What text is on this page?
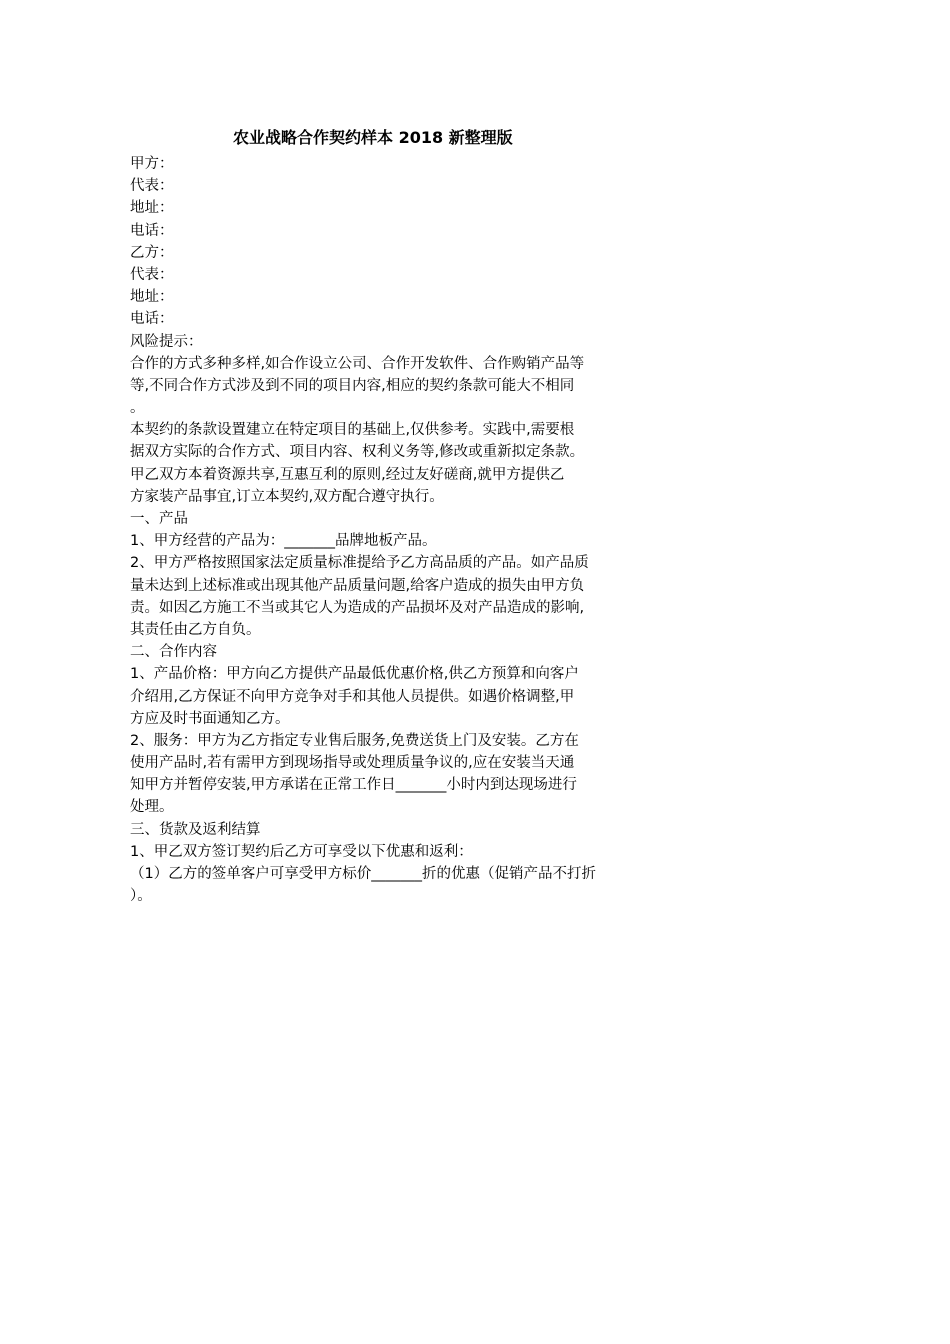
农业战略合作契约样本 2018 新整理版
甲方：
代表：
地址：
电话：
乙方：
代表：
地址：
电话：
风险提示：
合作的方式多种多样,如合作设立公司、合作开发软件、合作购销产品等
等,不同合作方式涉及到不同的项目内容,相应的契约条款可能大不相同
。
本契约的条款设置建立在特定项目的基础上,仅供参考。实践中,需要根
据双方实际的合作方式、项目内容、权利义务等,修改或重新拟定条款。
甲乙双方本着资源共享,互惠互利的原则,经过友好磋商,就甲方提供乙
方家装产品事宜,订立本契约,双方配合遵守执行。
一、产品
1、甲方经营的产品为：_______品牌地板产品。
2、甲方严格按照国家法定质量标准提给予乙方高品质的产品。如产品质
量未达到上述标准或出现其他产品质量问题,给客户造成的损失由甲方负
责。如因乙方施工不当或其它人为造成的产品损坏及对产品造成的影响,
其责任由乙方自负。
二、合作内容
1、产品价格：甲方向乙方提供产品最低优惠价格,供乙方预算和向客户
介绍用,乙方保证不向甲方竞争对手和其他人员提供。如遇价格调整,甲
方应及时书面通知乙方。
2、服务：甲方为乙方指定专业售后服务,免费送货上门及安装。乙方在
使用产品时,若有需甲方到现场指导或处理质量争议的,应在安装当天通
知甲方并暂停安装,甲方承诺在正常工作日_______小时内到达现场进行
处理。
三、货款及返利结算
1、甲乙双方签订契约后乙方可享受以下优惠和返利：
（1）乙方的签单客户可享受甲方标价_______折的优惠（促销产品不打折
）。
